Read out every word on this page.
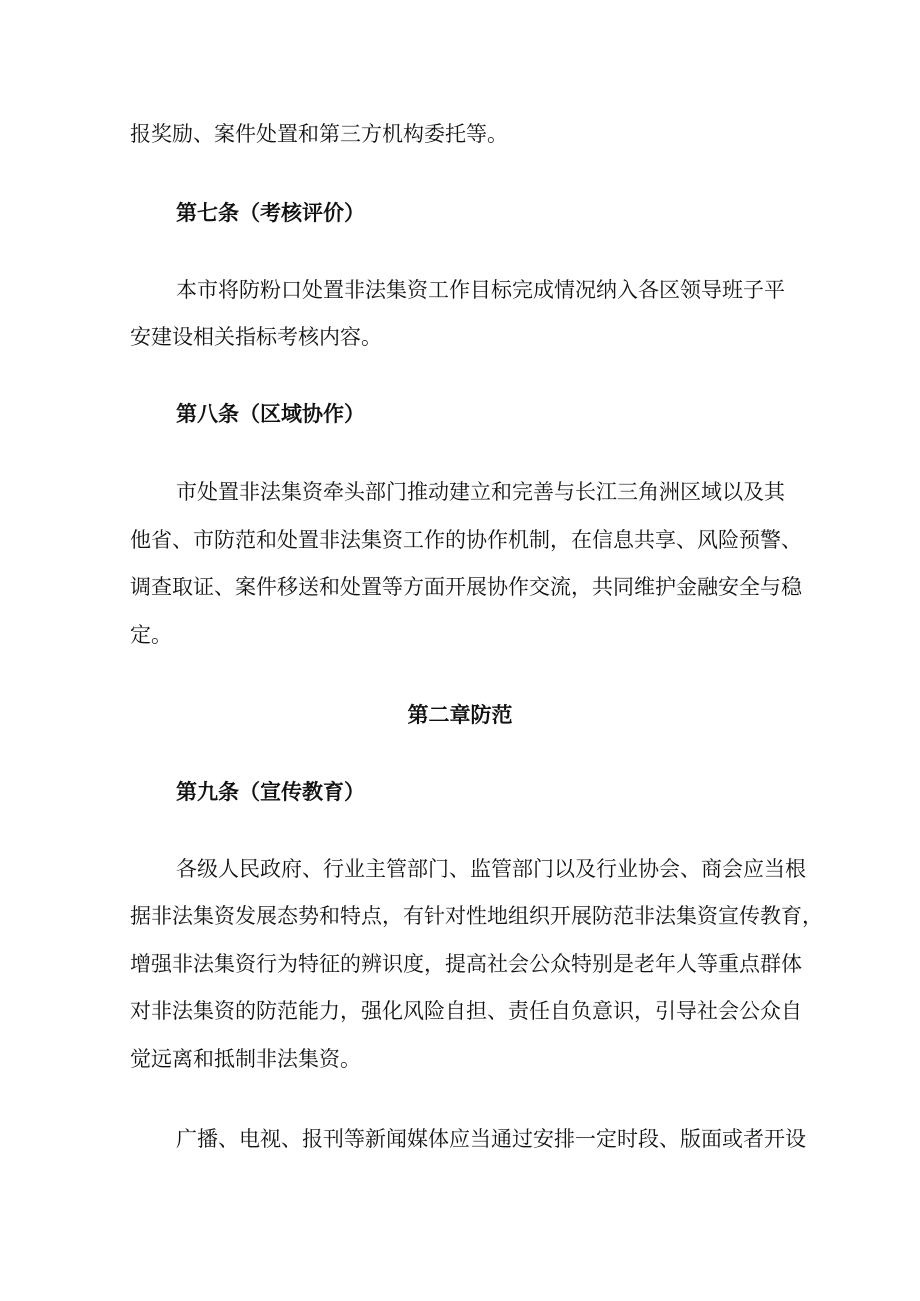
报奖励、案件处置和第三方机构委托等。
第七条（考核评价）
本市将防粉口处置非法集资工作目标完成情况纳入各区领导班子平
安建设相关指标考核内容。
第八条（区域协作）
市处置非法集资牵头部门推动建立和完善与长江三角洲区域以及其
他省、市防范和处置非法集资工作的协作机制，在信息共享、风险预警、
调查取证、案件移送和处置等方面开展协作交流，共同维护金融安全与稳
定。
第二章防范
第九条（宣传教育）
各级人民政府、行业主管部门、监管部门以及行业协会、商会应当根
据非法集资发展态势和特点，有针对性地组织开展防范非法集资宣传教育，
增强非法集资行为特征的辨识度，提高社会公众特别是老年人等重点群体
对非法集资的防范能力，强化风险自担、责任自负意识，引导社会公众自
觉远离和抵制非法集资。
广播、电视、报刊等新闻媒体应当通过安排一定时段、版面或者开设
